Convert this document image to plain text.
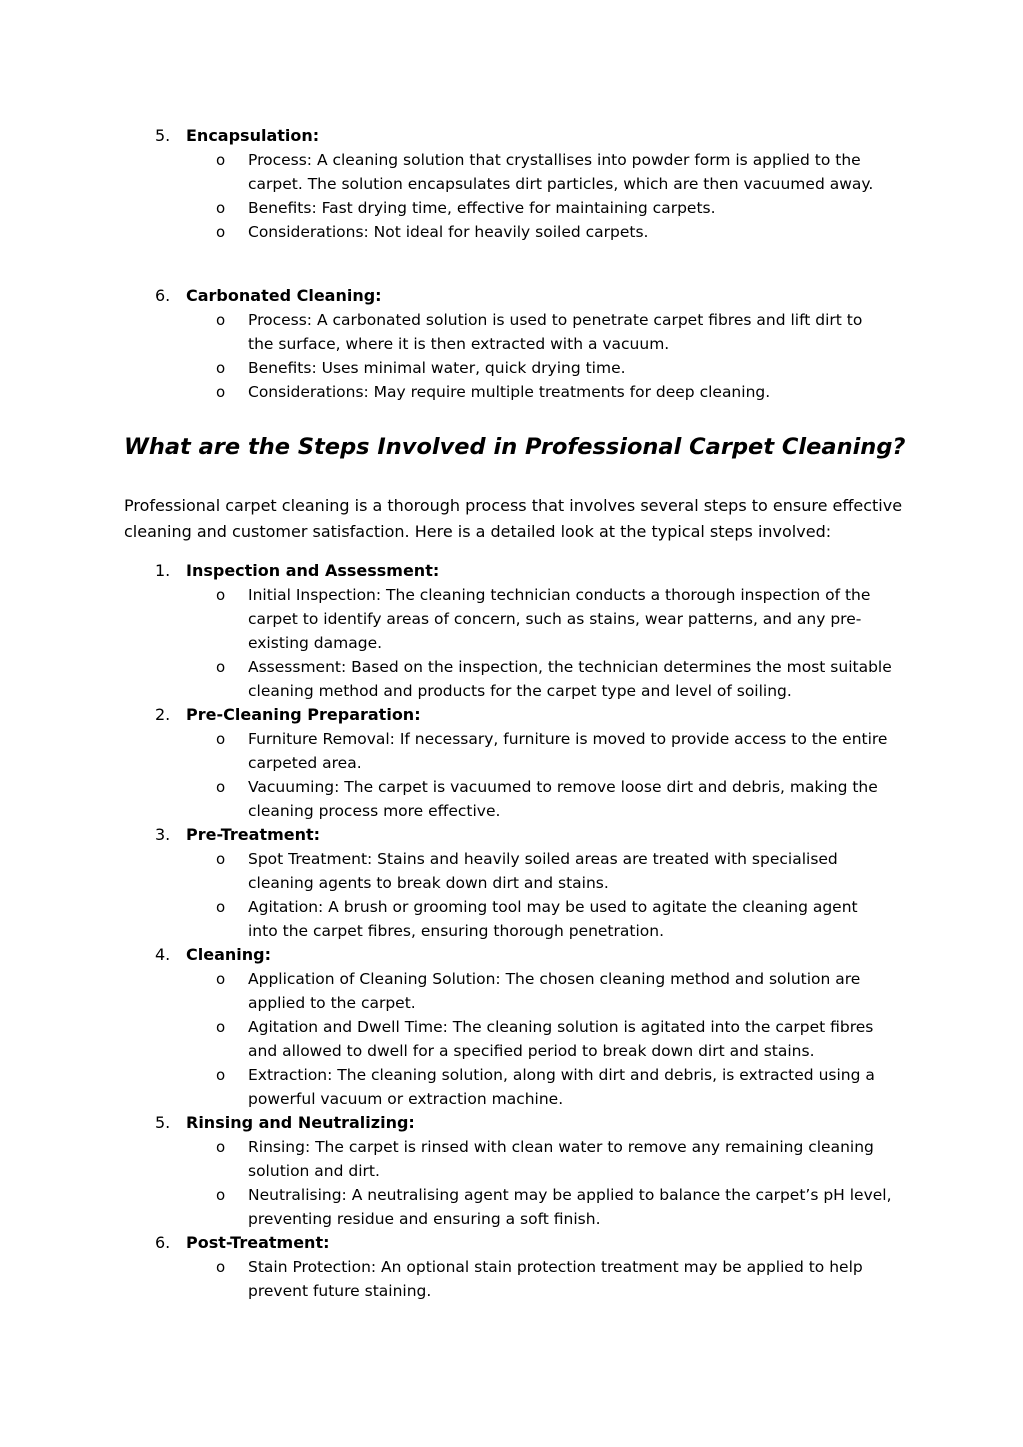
5. Encapsulation:
o	Process: A cleaning solution that crystallises into powder form is applied to the
carpet. The solution encapsulates dirt particles, which are then vacuumed away.
o	Benefits: Fast drying time, effective for maintaining carpets.
o	Considerations: Not ideal for heavily soiled carpets.
6. Carbonated Cleaning:
o	Process: A carbonated solution is used to penetrate carpet fibres and lift dirt to
the surface, where it is then extracted with a vacuum.
o	Benefits: Uses minimal water, quick drying time.
o	Considerations: May require multiple treatments for deep cleaning.
What are the Steps Involved in Professional Carpet Cleaning?
Professional carpet cleaning is a thorough process that involves several steps to ensure effective
cleaning and customer satisfaction. Here is a detailed look at the typical steps involved:
1. Inspection and Assessment:
o	Initial Inspection: The cleaning technician conducts a thorough inspection of the
carpet to identify areas of concern, such as stains, wear patterns, and any pre-
existing damage.
o	Assessment: Based on the inspection, the technician determines the most suitable
cleaning method and products for the carpet type and level of soiling.
2. Pre-Cleaning Preparation:
o	Furniture Removal: If necessary, furniture is moved to provide access to the entire
carpeted area.
o	Vacuuming: The carpet is vacuumed to remove loose dirt and debris, making the
cleaning process more effective.
3. Pre-Treatment:
o	Spot Treatment: Stains and heavily soiled areas are treated with specialised
cleaning agents to break down dirt and stains.
o	Agitation: A brush or grooming tool may be used to agitate the cleaning agent
into the carpet fibres, ensuring thorough penetration.
4. Cleaning:
o	Application of Cleaning Solution: The chosen cleaning method and solution are
applied to the carpet.
o	Agitation and Dwell Time: The cleaning solution is agitated into the carpet fibres
and allowed to dwell for a specified period to break down dirt and stains.
o	Extraction: The cleaning solution, along with dirt and debris, is extracted using a
powerful vacuum or extraction machine.
5. Rinsing and Neutralizing:
o	Rinsing: The carpet is rinsed with clean water to remove any remaining cleaning
solution and dirt.
o	Neutralising: A neutralising agent may be applied to balance the carpet’s pH level,
preventing residue and ensuring a soft finish.
6. Post-Treatment:
o	Stain Protection: An optional stain protection treatment may be applied to help
prevent future staining.
